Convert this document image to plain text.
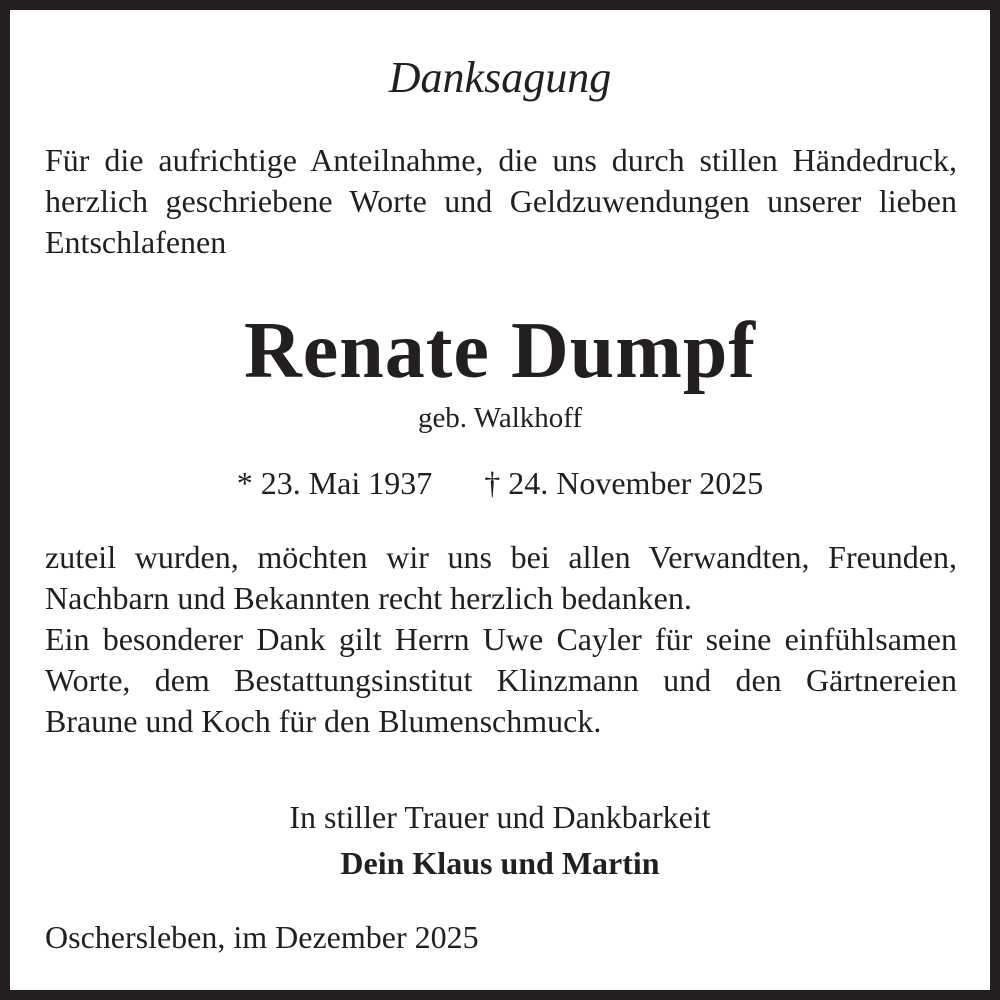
Danksagung
Für die aufrichtige Anteilnahme, die uns durch stillen Händedruck,
herzlich geschriebene Worte und Geldzuwendungen unserer lieben
Entschlafenen
Renate Dumpf
geb. Walkhoff
* 23. Mai 1937 † 24. November 2025
zuteil wurden, möchten wir uns bei allen Verwandten, Freunden,
Nachbarn und Bekannten recht herzlich bedanken.
Ein besonderer Dank gilt Herrn Uwe Cayler für seine einfühlsamen
Worte, dem Bestattungsinstitut Klinzmann und den Gärtnereien
Braune und Koch für den Blumenschmuck.
In stiller Trauer und Dankbarkeit
Dein Klaus und Martin
Oschersleben, im Dezember 2025
